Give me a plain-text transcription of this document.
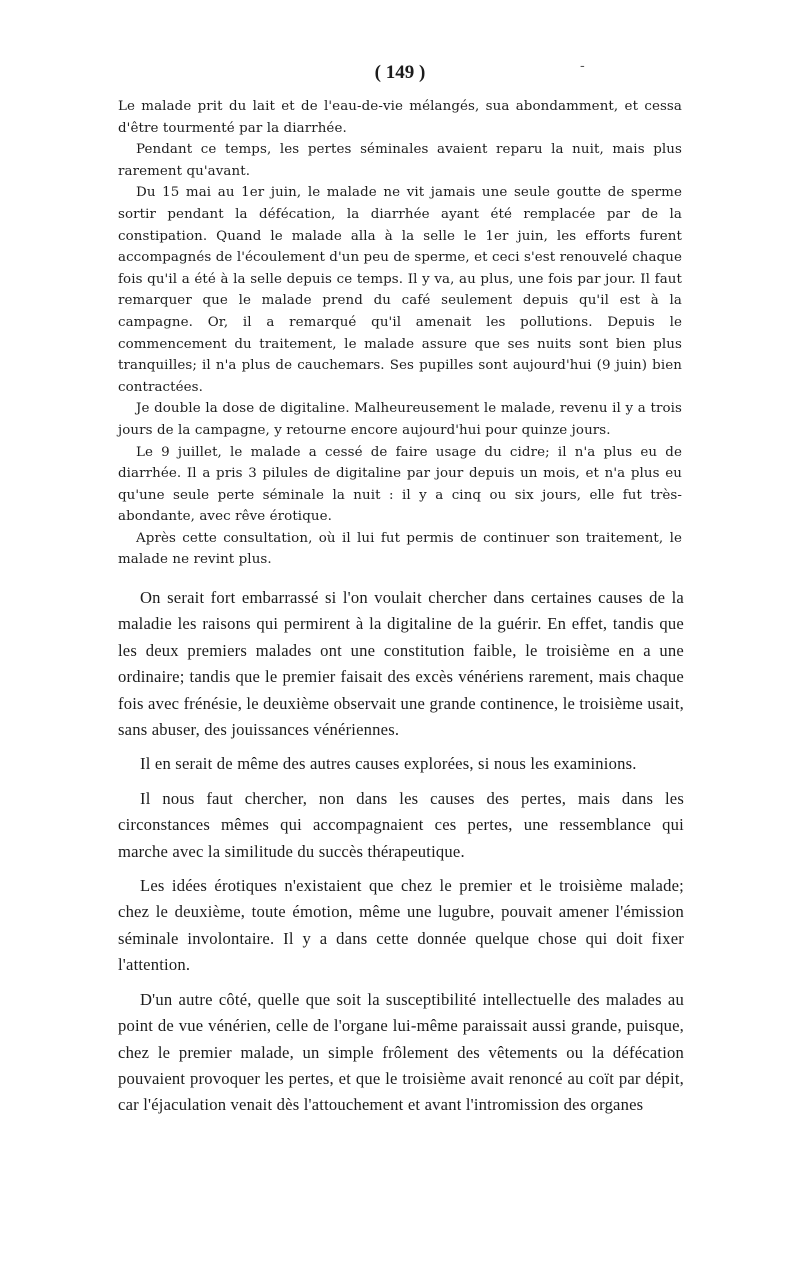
( 149 )	-

Le malade prit du lait et de l'eau-de-vie mélangés, sua abondamment, et cessa d'être tourmenté par la diarrhée.

Pendant ce temps, les pertes séminales avaient reparu la nuit, mais plus rarement qu'avant.

Du 15 mai au 1er juin, le malade ne vit jamais une seule goutte de sperme sortir pendant la défécation, la diarrhée ayant été remplacée par de la constipation. Quand le malade alla à la selle le 1er juin, les efforts furent accompagnés de l'écoulement d'un peu de sperme, et ceci s'est renouvelé chaque fois qu'il a été à la selle depuis ce temps. Il y va, au plus, une fois par jour. Il faut remarquer que le malade prend du café seulement depuis qu'il est à la campagne. Or, il a remarqué qu'il amenait les pollutions. Depuis le commencement du traitement, le malade assure que ses nuits sont bien plus tranquilles; il n'a plus de cauchemars. Ses pupilles sont aujourd'hui (9 juin) bien contractées.

Je double la dose de digitaline. Malheureusement le malade, revenu il y a trois jours de la campagne, y retourne encore aujourd'hui pour quinze jours.

Le 9 juillet, le malade a cessé de faire usage du cidre; il n'a plus eu de diarrhée. Il a pris 3 pilules de digitaline par jour depuis un mois, et n'a plus eu qu'une seule perte séminale la nuit : il y a cinq ou six jours, elle fut très-abondante, avec rêve érotique.

Après cette consultation, où il lui fut permis de continuer son traitement, le malade ne revint plus.

On serait fort embarrassé si l'on voulait chercher dans certaines causes de la maladie les raisons qui permirent à la digitaline de la guérir. En effet, tandis que les deux premiers malades ont une constitution faible, le troisième en a une ordinaire; tandis que le premier faisait des excès vénériens rarement, mais chaque fois avec frénésie, le deuxième observait une grande continence, le troisième usait, sans abuser, des jouissances vénériennes.

Il en serait de même des autres causes explorées, si nous les examinions.

Il nous faut chercher, non dans les causes des pertes, mais dans les circonstances mêmes qui accompagnaient ces pertes, une ressemblance qui marche avec la similitude du succès thérapeutique.

Les idées érotiques n'existaient que chez le premier et le troisième malade; chez le deuxième, toute émotion, même une lugubre, pouvait amener l'émission séminale involontaire. Il y a dans cette donnée quelque chose qui doit fixer l'attention.

D'un autre côté, quelle que soit la susceptibilité intellectuelle des malades au point de vue vénérien, celle de l'organe lui-même paraissait aussi grande, puisque, chez le premier malade, un simple frôlement des vêtements ou la défécation pouvaient provoquer les pertes, et que le troisième avait renoncé au coït par dépit, car l'éjaculation venait dès l'attouchement et avant l'intromission des organes
